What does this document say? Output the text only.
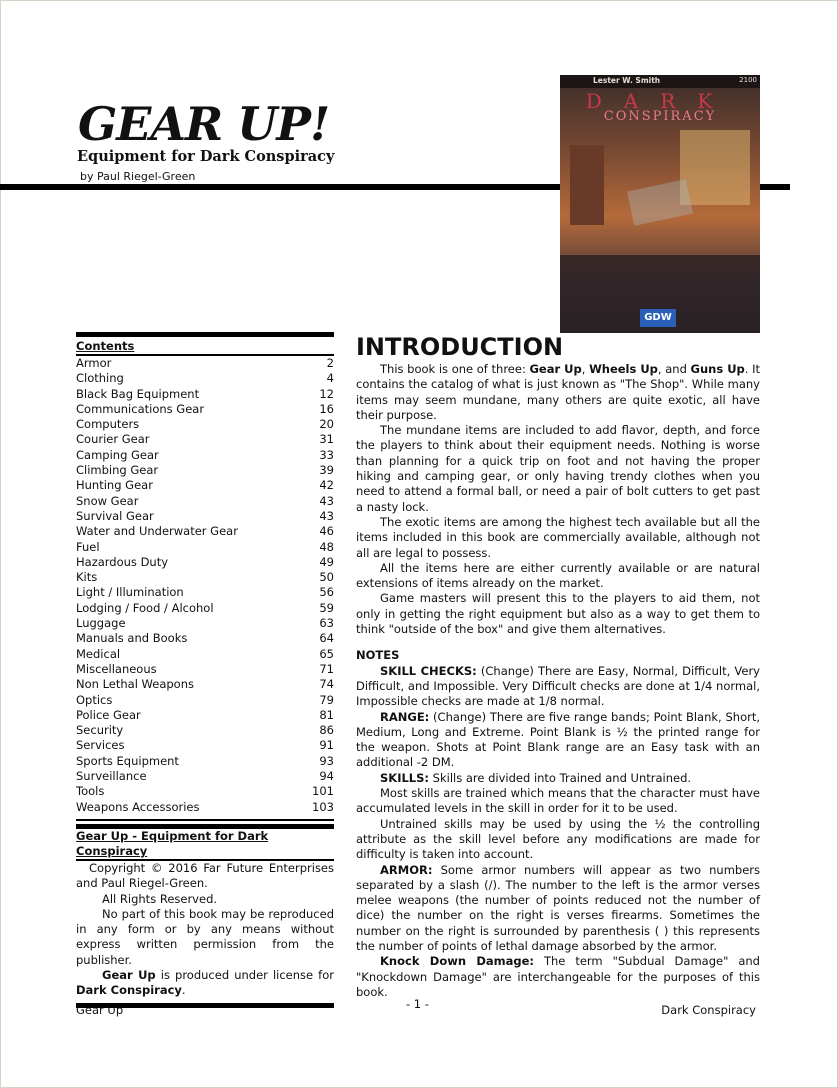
GEAR UP!
Equipment for Dark Conspiracy
by Paul Riegel-Green
Lester W. Smith	2100
DARK
CONSPIRACY
GDW
Contents
Armor	2
Clothing	4
Black Bag Equipment	12
Communications Gear	16
Computers	20
Courier Gear	31
Camping Gear	33
Climbing Gear	39
Hunting Gear	42
Snow Gear	43
Survival Gear	43
Water and Underwater Gear	46
Fuel	48
Hazardous Duty	49
Kits	50
Light / Illumination	56
Lodging / Food / Alcohol	59
Luggage	63
Manuals and Books	64
Medical	65
Miscellaneous	71
Non Lethal Weapons	74
Optics	79
Police Gear	81
Security	86
Services	91
Sports Equipment	93
Surveillance	94
Tools	101
Weapons Accessories	103
Gear Up - Equipment for Dark Conspiracy

Copyright © 2016 Far Future Enterprises and Paul Riegel-Green.

All Rights Reserved.

No part of this book may be reproduced in any form or by any means without express written permission from the publisher.

Gear Up is produced under license for Dark Conspiracy.

INTRODUCTION

This book is one of three: Gear Up, Wheels Up, and Guns Up. It contains the catalog of what is just known as "The Shop". While many items may seem mundane, many others are quite exotic, all have their purpose.

The mundane items are included to add flavor, depth, and force the players to think about their equipment needs. Nothing is worse than planning for a quick trip on foot and not having the proper hiking and camping gear, or only having trendy clothes when you need to attend a formal ball, or need a pair of bolt cutters to get past a nasty lock.

The exotic items are among the highest tech available but all the items included in this book are commercially available, although not all are legal to possess.

All the items here are either currently available or are natural extensions of items already on the market.

Game masters will present this to the players to aid them, not only in getting the right equipment but also as a way to get them to think "outside of the box" and give them alternatives.

NOTES

SKILL CHECKS: (Change) There are Easy, Normal, Difficult, Very Difficult, and Impossible. Very Difficult checks are done at 1/4 normal, Impossible checks are made at 1/8 normal.

RANGE: (Change) There are five range bands; Point Blank, Short, Medium, Long and Extreme. Point Blank is ½ the printed range for the weapon. Shots at Point Blank range are an Easy task with an additional -2 DM.

SKILLS: Skills are divided into Trained and Untrained.

Most skills are trained which means that the character must have accumulated levels in the skill in order for it to be used.

Untrained skills may be used by using the ½ the controlling attribute as the skill level before any modifications are made for difficulty is taken into account.

ARMOR: Some armor numbers will appear as two numbers separated by a slash (/). The number to the left is the armor verses melee weapons (the number of points reduced not the number of dice) the number on the right is verses firearms. Sometimes the number on the right is surrounded by parenthesis ( ) this represents the number of points of lethal damage absorbed by the armor.

Knock Down Damage: The term "Subdual Damage" and "Knockdown Damage" are interchangeable for the purposes of this book.

Gear Up	- 1 -	Dark Conspiracy
